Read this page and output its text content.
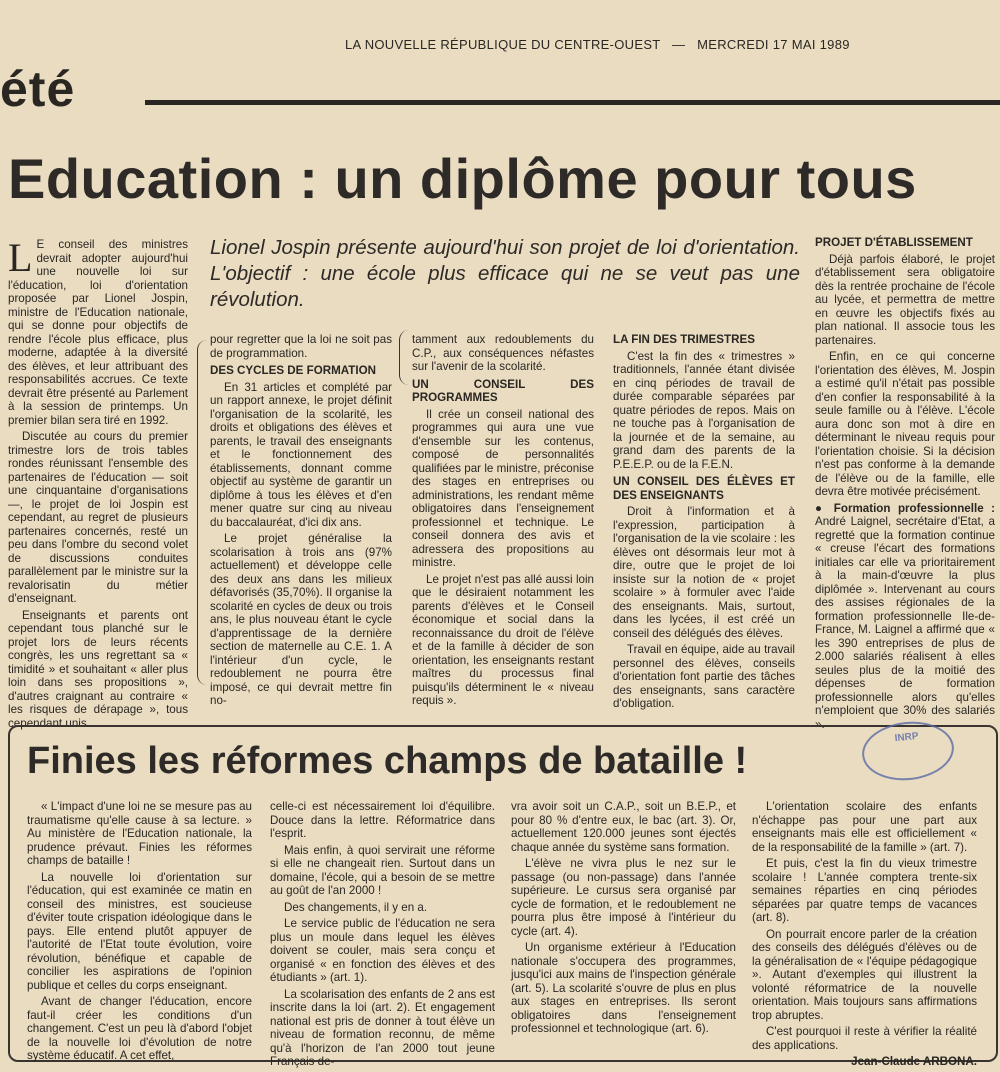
LA NOUVELLE RÉPUBLIQUE DU CENTRE-OUEST — MERCREDI 17 MAI 1989
été
Education : un diplôme pour tous
Lionel Jospin présente aujourd'hui son projet de loi d'orientation. L'objectif : une école plus efficace qui ne se veut pas une révolution.

L E conseil des ministres devrait adopter aujourd'hui une nouvelle loi sur l'éducation, loi d'orientation proposée par Lionel Jospin, ministre de l'Education nationale, qui se donne pour objectifs de rendre l'école plus efficace, plus moderne, adaptée à la diversité des élèves, et leur attribuant des responsabilités accrues. Ce texte devrait être présenté au Parlement à la session de printemps. Un premier bilan sera tiré en 1992.

Discutée au cours du premier trimestre lors de trois tables rondes réunissant l'ensemble des partenaires de l'éducation — soit une cinquantaine d'organisations —, le projet de loi Jospin est cependant, au regret de plusieurs partenaires concernés, resté un peu dans l'ombre du second volet de discussions conduites parallèlement par le ministre sur la revalorisatin du métier d'enseignant.

Enseignants et parents ont cependant tous planché sur le projet lors de leurs récents congrès, les uns regrettant sa « timidité » et souhaitant « aller plus loin dans ses propositions », d'autres craignant au contraire « les risques de dérapage », tous cependant unis

pour regretter que la loi ne soit pas de programmation.

DES CYCLES DE FORMATION

En 31 articles et complété par un rapport annexe, le projet définit l'organisation de la scolarité, les droits et obligations des élèves et parents, le travail des enseignants et le fonctionnement des établissements, donnant comme objectif au système de garantir un diplôme à tous les élèves et d'en mener quatre sur cinq au niveau du baccalauréat, d'ici dix ans.

Le projet généralise la scolarisation à trois ans (97% actuellement) et développe celle des deux ans dans les milieux défavorisés (35,70%). Il organise la scolarité en cycles de deux ou trois ans, le plus nouveau étant le cycle d'apprentissage de la dernière section de maternelle au C.E. 1. A l'intérieur d'un cycle, le redoublement ne pourra être imposé, ce qui devrait mettre fin no-

tamment aux redoublements du C.P., aux conséquences néfastes sur l'avenir de la scolarité.

UN CONSEIL DES PROGRAMMES

Il crée un conseil national des programmes qui aura une vue d'ensemble sur les contenus, composé de personnalités qualifiées par le ministre, préconise des stages en entreprises ou administrations, les rendant même obligatoires dans l'enseignement professionnel et technique. Le conseil donnera des avis et adressera des propositions au ministre.

Le projet n'est pas allé aussi loin que le désiraient notamment les parents d'élèves et le Conseil économique et social dans la reconnaissance du droit de l'élève et de la famille à décider de son orientation, les enseignants restant maîtres du processus final puisqu'ils déterminent le « niveau requis ».

LA FIN DES TRIMESTRES

C'est la fin des « trimestres » traditionnels, l'année étant divisée en cinq périodes de travail de durée comparable séparées par quatre périodes de repos. Mais on ne touche pas à l'organisation de la journée et de la semaine, au grand dam des parents de la P.E.E.P. ou de la F.E.N.

UN CONSEIL DES ÉLÈVES ET DES ENSEIGNANTS

Droit à l'information et à l'expression, participation à l'organisation de la vie scolaire : les élèves ont désormais leur mot à dire, outre que le projet de loi insiste sur la notion de « projet scolaire » à formuler avec l'aide des enseignants. Mais, surtout, dans les lycées, il est créé un conseil des délégués des élèves.

Travail en équipe, aide au travail personnel des élèves, conseils d'orientation font partie des tâches des enseignants, sans caractère d'obligation.

PROJET D'ÉTABLISSEMENT

Déjà parfois élaboré, le projet d'établissement sera obligatoire dès la rentrée prochaine de l'école au lycée, et permettra de mettre en œuvre les objectifs fixés au plan national. Il associe tous les partenaires.

Enfin, en ce qui concerne l'orientation des élèves, M. Jospin a estimé qu'il n'était pas possible d'en confier la responsabilité à la seule famille ou à l'élève. L'école aura donc son mot à dire en déterminant le niveau requis pour l'orientation choisie. Si la décision n'est pas conforme à la demande de l'élève ou de la famille, elle devra être motivée précisément.

● Formation professionnelle : André Laignel, secrétaire d'Etat, a regretté que la formation continue « creuse l'écart des formations initiales car elle va prioritairement à la main-d'œuvre la plus diplômée ». Intervenant au cours des assises régionales de la formation professionnelle Ile-de-France, M. Laignel a affirmé que « les 390 entreprises de plus de 2.000 salariés réalisent à elles seules plus de la moitié des dépenses de formation professionnelle alors qu'elles n'emploient que 30% des salariés ».

Finies les réformes champs de bataille !
INRP

« L'impact d'une loi ne se mesure pas au traumatisme qu'elle cause à sa lecture. » Au ministère de l'Education nationale, la prudence prévaut. Finies les réformes champs de bataille !

La nouvelle loi d'orientation sur l'éducation, qui est examinée ce matin en conseil des ministres, est soucieuse d'éviter toute crispation idéologique dans le pays. Elle entend plutôt appuyer de l'autorité de l'Etat toute évolution, voire révolution, bénéfique et capable de concilier les aspirations de l'opinion publique et celles du corps enseignant.

Avant de changer l'éducation, encore faut-il créer les conditions d'un changement. C'est un peu là d'abord l'objet de la nouvelle loi d'évolution de notre système éducatif. A cet effet,

celle-ci est nécessairement loi d'équilibre. Douce dans la lettre. Réformatrice dans l'esprit.

Mais enfin, à quoi servirait une réforme si elle ne changeait rien. Surtout dans un domaine, l'école, qui a besoin de se mettre au goût de l'an 2000 !

Des changements, il y en a.

Le service public de l'éducation ne sera plus un moule dans lequel les élèves doivent se couler, mais sera conçu et organisé « en fonction des élèves et des étudiants » (art. 1).

La scolarisation des enfants de 2 ans est inscrite dans la loi (art. 2). Et engagement national est pris de donner à tout élève un niveau de formation reconnu, de même qu'à l'horizon de l'an 2000 tout jeune Français de-

vra avoir soit un C.A.P., soit un B.E.P., et pour 80 % d'entre eux, le bac (art. 3). Or, actuellement 120.000 jeunes sont éjectés chaque année du système sans formation.

L'élève ne vivra plus le nez sur le passage (ou non-passage) dans l'année supérieure. Le cursus sera organisé par cycle de formation, et le redoublement ne pourra plus être imposé à l'intérieur du cycle (art. 4).

Un organisme extérieur à l'Education nationale s'occupera des programmes, jusqu'ici aux mains de l'inspection générale (art. 5). La scolarité s'ouvre de plus en plus aux stages en entreprises. Ils seront obligatoires dans l'enseignement professionnel et technologique (art. 6).

L'orientation scolaire des enfants n'échappe pas pour une part aux enseignants mais elle est officiellement « de la responsabilité de la famille » (art. 7).

Et puis, c'est la fin du vieux trimestre scolaire ! L'année comptera trente-six semaines réparties en cinq périodes séparées par quatre temps de vacances (art. 8).

On pourrait encore parler de la création des conseils des délégués d'élèves ou de la généralisation de « l'équipe pédagogique ». Autant d'exemples qui illustrent la volonté réformatrice de la nouvelle orientation. Mais toujours sans affirmations trop abruptes.

C'est pourquoi il reste à vérifier la réalité des applications.

Jean-Claude ARBONA.
